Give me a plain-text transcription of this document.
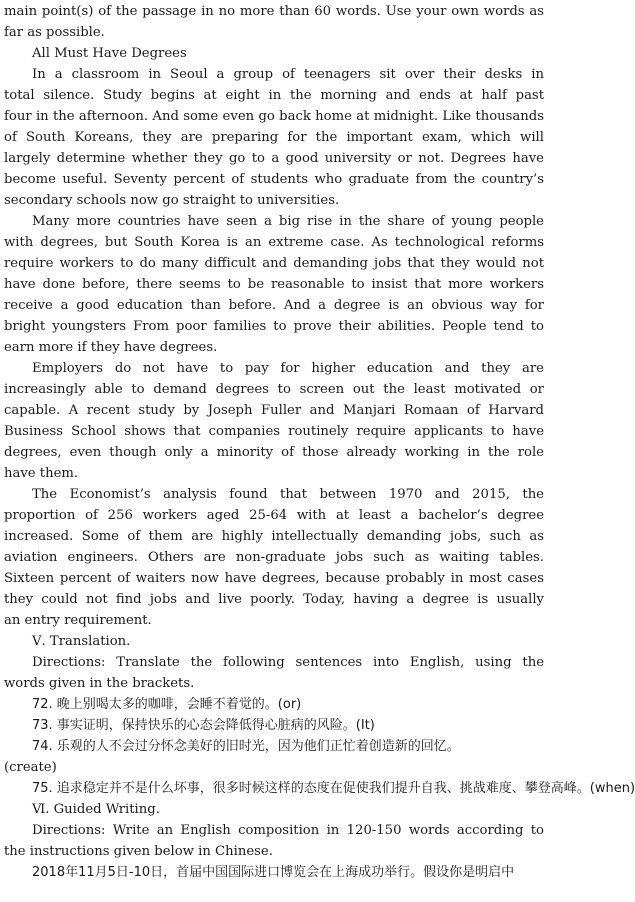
main point(s) of the passage in no more than 60 words. Use your own words as
far as possible.
All Must Have Degrees
In a classroom in Seoul a group of teenagers sit over their desks in
total silence. Study begins at eight in the morning and ends at half past
four in the afternoon. And some even go back home at midnight. Like thousands
of South Koreans, they are preparing for the important exam, which will
largely determine whether they go to a good university or not. Degrees have
become useful. Seventy percent of students who graduate from the country’s
secondary schools now go straight to universities.
Many more countries have seen a big rise in the share of young people
with degrees, but South Korea is an extreme case. As technological reforms
require workers to do many difficult and demanding jobs that they would not
have done before, there seems to be reasonable to insist that more workers
receive a good education than before. And a degree is an obvious way for
bright youngsters From poor families to prove their abilities. People tend to
earn more if they have degrees.
Employers do not have to pay for higher education and they are
increasingly able to demand degrees to screen out the least motivated or
capable. A recent study by Joseph Fuller and Manjari Romaan of Harvard
Business School shows that companies routinely require applicants to have
degrees, even though only a minority of those already working in the role
have them.
The Economist’s analysis found that between 1970 and 2015, the
proportion of 256 workers aged 25-64 with at least a bachelor’s degree
increased. Some of them are highly intellectually demanding jobs, such as
aviation engineers. Others are non-graduate jobs such as waiting tables.
Sixteen percent of waiters now have degrees, because probably in most cases
they could not find jobs and live poorly. Today, having a degree is usually
an entry requirement.
Ⅴ. Translation.
Directions: Translate the following sentences into English, using the
words given in the brackets.
72. 晚上别喝太多的咖啡，会睡不着觉的。(or)
73. 事实证明，保持快乐的心态会降低得心脏病的风险。(It)
74. 乐观的人不会过分怀念美好的旧时光，因为他们正忙着创造新的回忆。
(create)
75. 追求稳定并不是什么坏事，很多时候这样的态度在促使我们提升自我、挑战难度、攀登高峰。(when)
Ⅵ. Guided Writing.
Directions: Write an English composition in 120-150 words according to
the instructions given below in Chinese.
2018年11月5日-10日，首届中国国际进口博览会在上海成功举行。假设你是明启中
